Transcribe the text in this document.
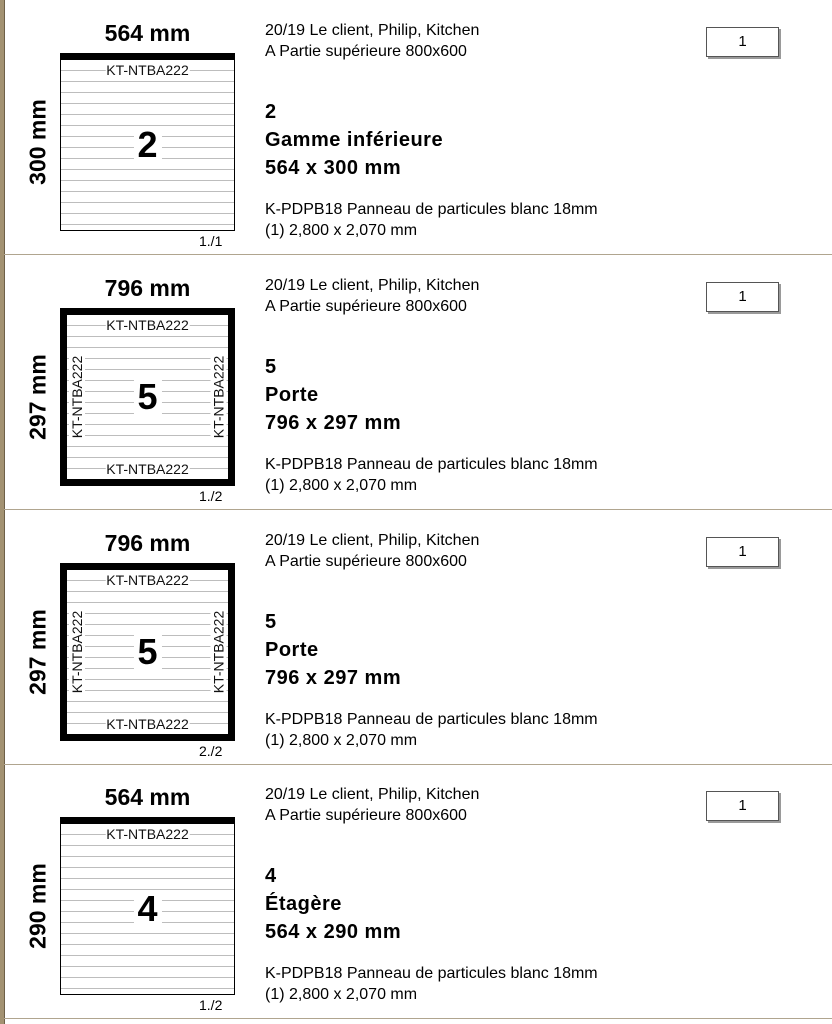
564 mm
300 mm
KT-NTBA222
2
1./1
20/19 Le client, Philip, Kitchen
A Partie supérieure 800x600
2
Gamme inférieure
564 x 300 mm
K-PDPB18 Panneau de particules blanc 18mm
(1) 2,800 x 2,070 mm
1
796 mm
297 mm
KT-NTBA222
KT-NTBA222
KT-NTBA222	KT-NTBA222
5
1./2
20/19 Le client, Philip, Kitchen
A Partie supérieure 800x600
5
Porte
796 x 297 mm
K-PDPB18 Panneau de particules blanc 18mm
(1) 2,800 x 2,070 mm
1
796 mm
297 mm
KT-NTBA222
KT-NTBA222
KT-NTBA222	KT-NTBA222
5
2./2
20/19 Le client, Philip, Kitchen
A Partie supérieure 800x600
5
Porte
796 x 297 mm
K-PDPB18 Panneau de particules blanc 18mm
(1) 2,800 x 2,070 mm
1
564 mm
290 mm
KT-NTBA222
4
1./2
20/19 Le client, Philip, Kitchen
A Partie supérieure 800x600
4
Étagère
564 x 290 mm
K-PDPB18 Panneau de particules blanc 18mm
(1) 2,800 x 2,070 mm
1
